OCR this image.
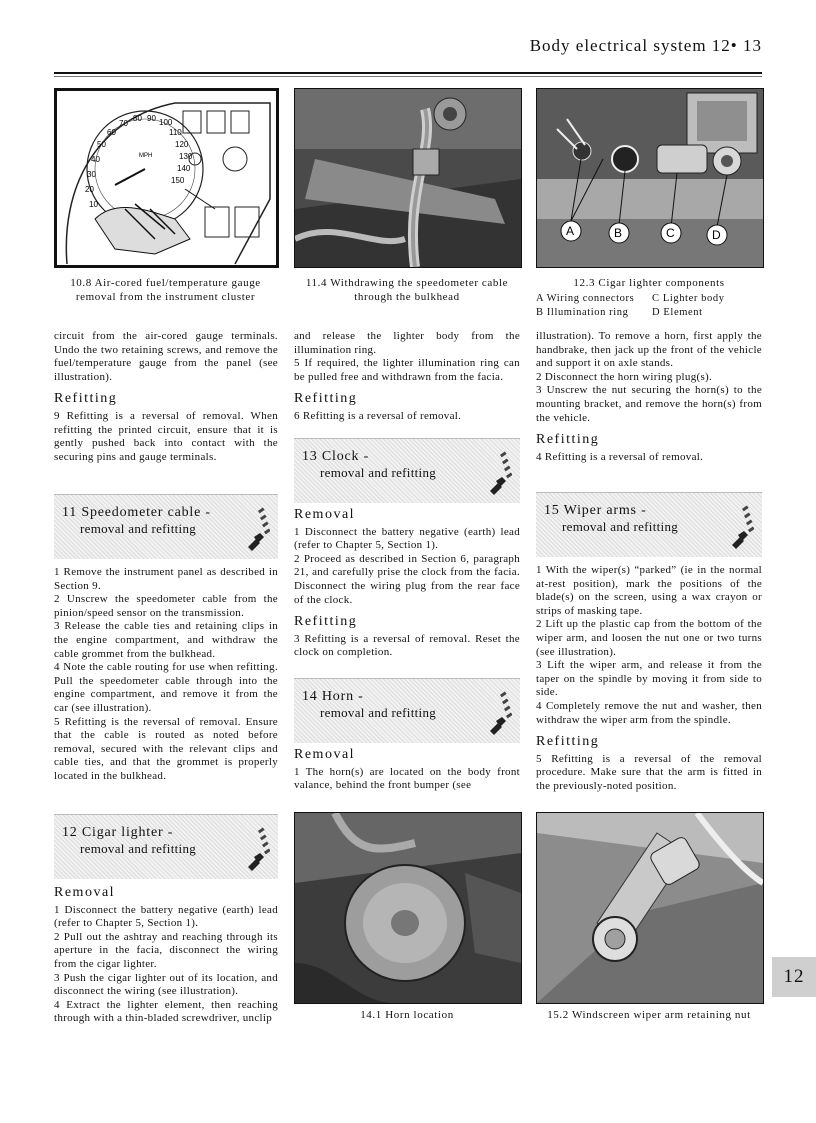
Body electrical system 12• 13
10
20
30
40
50
60
70
80 90 100
110
120
130
140
150
MPH
10.8 Air-cored fuel/temperature gauge removal from the instrument cluster
11.4 Withdrawing the speedometer cable through the bulkhead
A	B	C	D
12.3 Cigar lighter components
A Wiring connectors	C Lighter body
B Illumination ring	D Element

circuit from the air-cored gauge terminals. Undo the two retaining screws, and remove the fuel/temperature gauge from the panel (see illustration).

Refitting

9 Refitting is a reversal of removal. When refitting the printed circuit, ensure that it is gently pushed back into contact with the securing pins and gauge terminals.

11 Speedometer cable -
removal and refitting

1 Remove the instrument panel as described in Section 9.

2 Unscrew the speedometer cable from the pinion/speed sensor on the transmission.

3 Release the cable ties and retaining clips in the engine compartment, and withdraw the cable grommet from the bulkhead.

4 Note the cable routing for use when refitting. Pull the speedometer cable through into the engine compartment, and remove it from the car (see illustration).

5 Refitting is the reversal of removal. Ensure that the cable is routed as noted before removal, secured with the relevant clips and cable ties, and that the grommet is properly located in the bulkhead.

12 Cigar lighter -
removal and refitting
Removal

1 Disconnect the battery negative (earth) lead (refer to Chapter 5, Section 1).

2 Pull out the ashtray and reaching through its aperture in the facia, disconnect the wiring from the cigar lighter.

3 Push the cigar lighter out of its location, and disconnect the wiring (see illustration).

4 Extract the lighter element, then reaching through with a thin-bladed screwdriver, unclip

and release the lighter body from the illumination ring.

5 If required, the lighter illumination ring can be pulled free and withdrawn from the facia.

Refitting

6 Refitting is a reversal of removal.

13 Clock -
removal and refitting
Removal

1 Disconnect the battery negative (earth) lead (refer to Chapter 5, Section 1).

2 Proceed as described in Section 6, paragraph 21, and carefully prise the clock from the facia. Disconnect the wiring plug from the rear face of the clock.

Refitting

3 Refitting is a reversal of removal. Reset the clock on completion.

14 Horn -
removal and refitting
Removal

1 The horn(s) are located on the body front valance, behind the front bumper (see

illustration). To remove a horn, first apply the handbrake, then jack up the front of the vehicle and support it on axle stands.

2 Disconnect the horn wiring plug(s).

3 Unscrew the nut securing the horn(s) to the mounting bracket, and remove the horn(s) from the vehicle.

Refitting

4 Refitting is a reversal of removal.

15 Wiper arms -
removal and refitting

1 With the wiper(s) “parked” (ie in the normal at-rest position), mark the positions of the blade(s) on the screen, using a wax crayon or strips of masking tape.

2 Lift up the plastic cap from the bottom of the wiper arm, and loosen the nut one or two turns (see illustration).

3 Lift the wiper arm, and release it from the taper on the spindle by moving it from side to side.

4 Completely remove the nut and washer, then withdraw the wiper arm from the spindle.

Refitting

5 Refitting is a reversal of the removal procedure. Make sure that the arm is fitted in the previously-noted position.

14.1 Horn location	15.2 Windscreen wiper arm retaining nut
12
